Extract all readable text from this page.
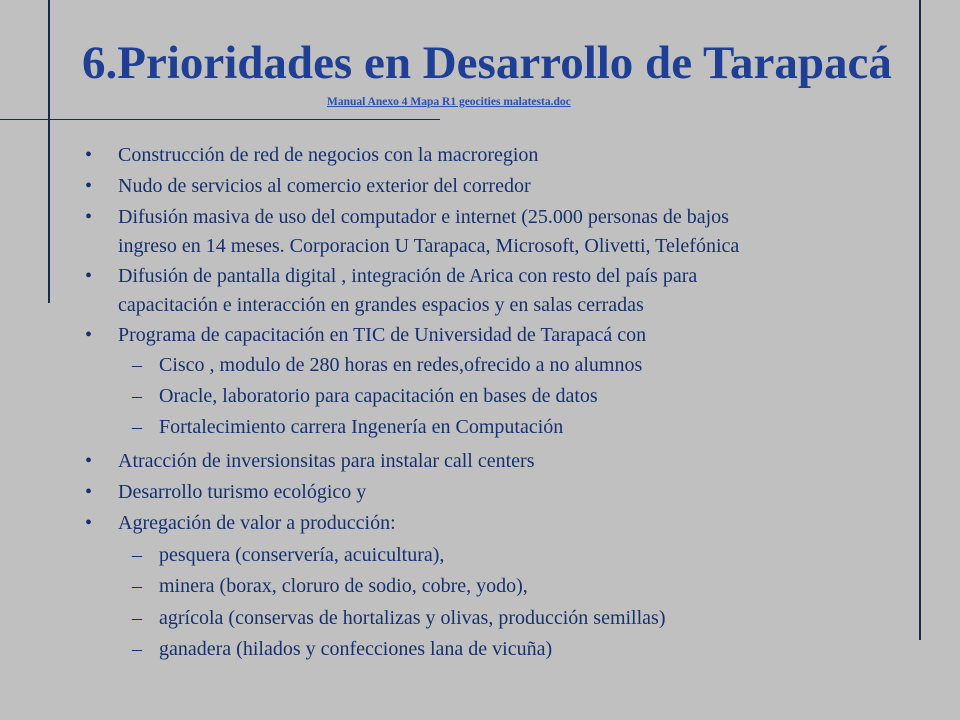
6.Prioridades en Desarrollo de Tarapacá
Manual Anexo 4 Mapa R1 geocities malatesta.doc
•	Construcción de red de negocios con la macroregion
•	Nudo de servicios al comercio exterior del corredor
•	Difusión masiva de uso del computador e internet (25.000 personas de bajos
ingreso en 14 meses. Corporacion U Tarapaca, Microsoft, Olivetti, Telefónica
•	Difusión de pantalla digital , integración de Arica con resto del país para
capacitación e interacción en grandes espacios y en salas cerradas
•	Programa de capacitación en TIC de Universidad de Tarapacá con
– Cisco , modulo de 280 horas en redes,ofrecido a no alumnos
– Oracle, laboratorio para capacitación en bases de datos
– Fortalecimiento carrera Ingenería en Computación
•	Atracción de inversionsitas para instalar call centers
•	Desarrollo turismo ecológico y
•	Agregación de valor a producción:
– pesquera (conservería, acuicultura),
– minera (borax, cloruro de sodio, cobre, yodo),
– agrícola (conservas de hortalizas y olivas, producción semillas)
– ganadera (hilados y confecciones lana de vicuña)
